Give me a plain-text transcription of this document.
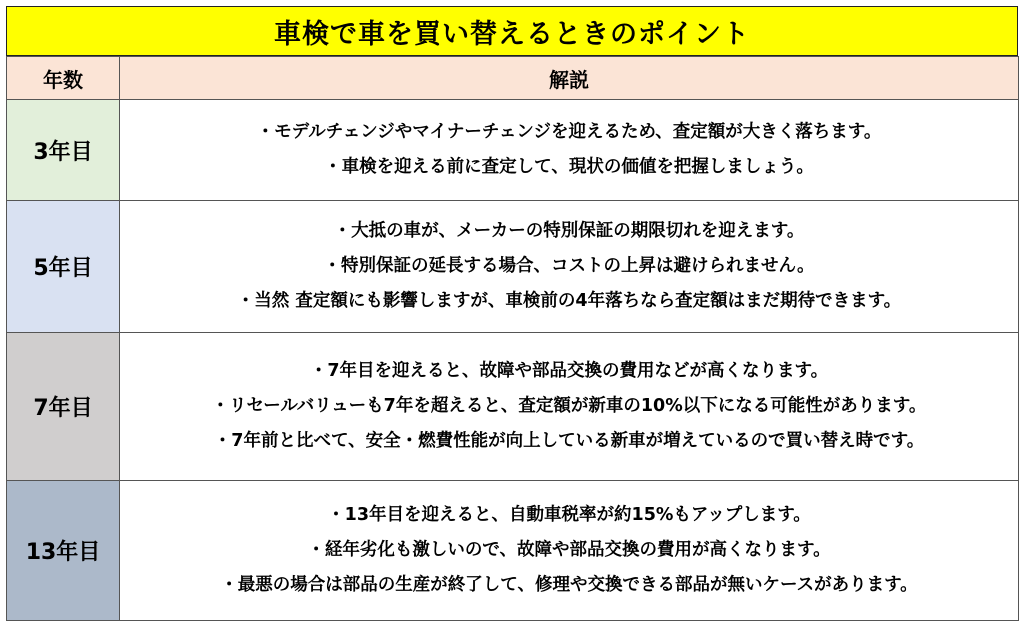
車検で車を買い替えるときのポイント
年数	解説
3年目	・モデルチェンジやマイナーチェンジを迎えるため、査定額が大きく落ちます。
・車検を迎える前に査定して、現状の価値を把握しましょう。

5年目	・大抵の車が、メーカーの特別保証の期限切れを迎えます。
・特別保証の延長する場合、コストの上昇は避けられません。
・当然 査定額にも影響しますが、車検前の4年落ちなら査定額はまだ期待できます。

7年目	・7年目を迎えると、故障や部品交換の費用などが高くなります。
・リセールバリューも7年を超えると、査定額が新車の10%以下になる可能性があります。
・7年前と比べて、安全・燃費性能が向上している新車が増えているので買い替え時です。

13年目	・13年目を迎えると、自動車税率が約15%もアップします。
・経年劣化も激しいので、故障や部品交換の費用が高くなります。
・最悪の場合は部品の生産が終了して、修理や交換できる部品が無いケースがあります。
